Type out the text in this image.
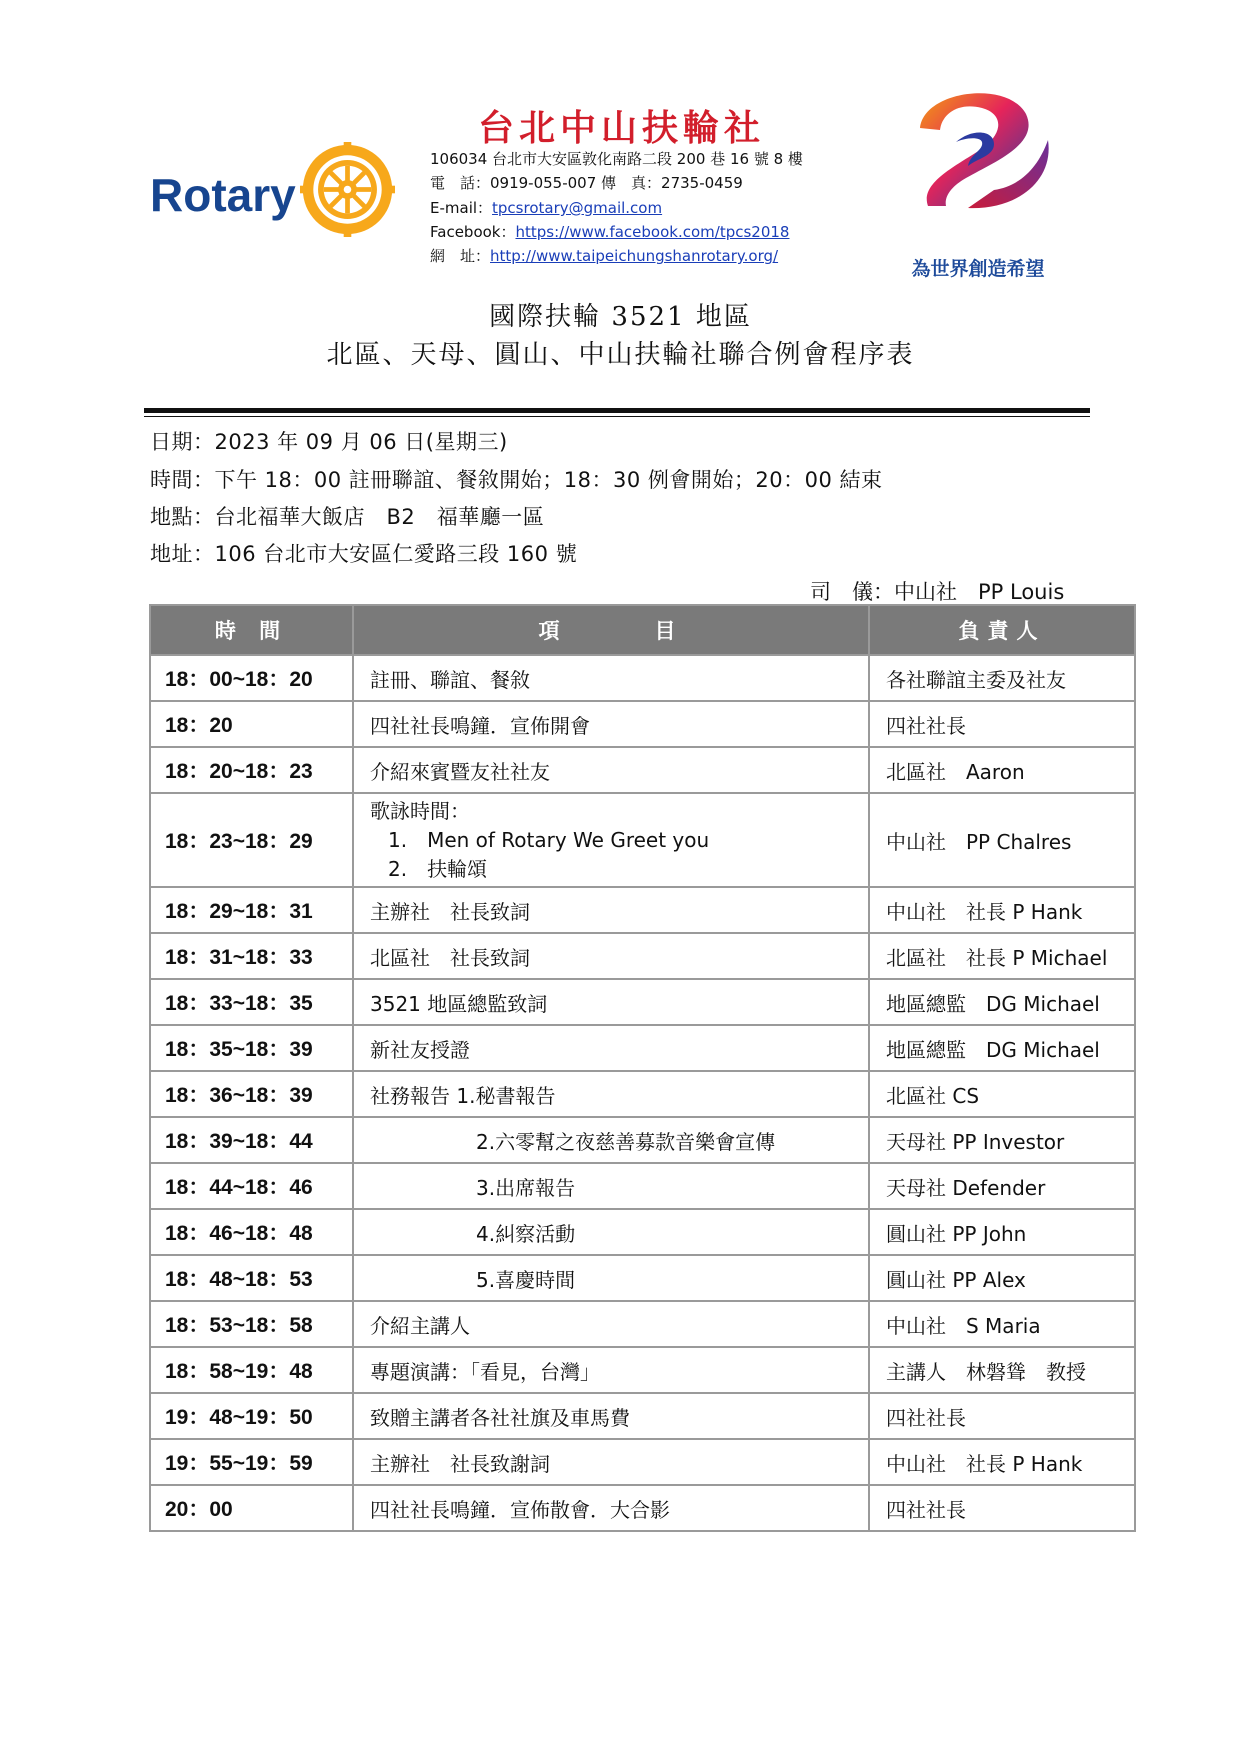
Rotary
台北中山扶輪社
106034 台北市大安區敦化南路二段 200 巷 16 號 8 樓
電　話：0919-055-007 傳　真：2735-0459
E-mail：tpcsrotary@gmail.com
Facebook：https://www.facebook.com/tpcs2018
網　址：http://www.taipeichungshanrotary.org/
為世界創造希望
國際扶輪 3521 地區
北區、天母、圓山、中山扶輪社聯合例會程序表
日期：2023 年 09 月 06 日(星期三)
時間：下午 18：00 註冊聯誼、餐敘開始；18：30 例會開始；20：00 結束
地點：台北福華大飯店　B2　福華廳一區
地址：106 台北市大安區仁愛路三段 160 號
司　儀：中山社　PP Louis
時 間	項　　　目	負責人
18：00~18：20	註冊、聯誼、餐敘	各社聯誼主委及社友
18：20	四社社長鳴鐘．宣佈開會	四社社長
18：20~18：23	介紹來賓暨友社社友	北區社　Aaron
18：23~18：29	歌詠時間：
1.　Men of Rotary We Greet you
2.　扶輪頌	中山社　PP Chalres
18：29~18：31	主辦社　社長致詞	中山社　社長 P Hank
18：31~18：33	北區社　社長致詞	北區社　社長 P Michael
18：33~18：35	3521 地區總監致詞	地區總監　DG Michael
18：35~18：39	新社友授證	地區總監　DG Michael
18：36~18：39	社務報告 1.秘書報告	北區社 CS
18：39~18：44	2.六零幫之夜慈善募款音樂會宣傳	天母社 PP Investor
18：44~18：46	3.出席報告	天母社 Defender
18：46~18：48	4.糾察活動	圓山社 PP John
18：48~18：53	5.喜慶時間	圓山社 PP Alex
18：53~18：58	介紹主講人	中山社　S Maria
18：58~19：48	專題演講：「看見，台灣」	主講人　林磐聳　教授
19：48~19：50	致贈主講者各社社旗及車馬費	四社社長
19：55~19：59	主辦社　社長致謝詞	中山社　社長 P Hank
20：00	四社社長鳴鐘．宣佈散會．大合影	四社社長
